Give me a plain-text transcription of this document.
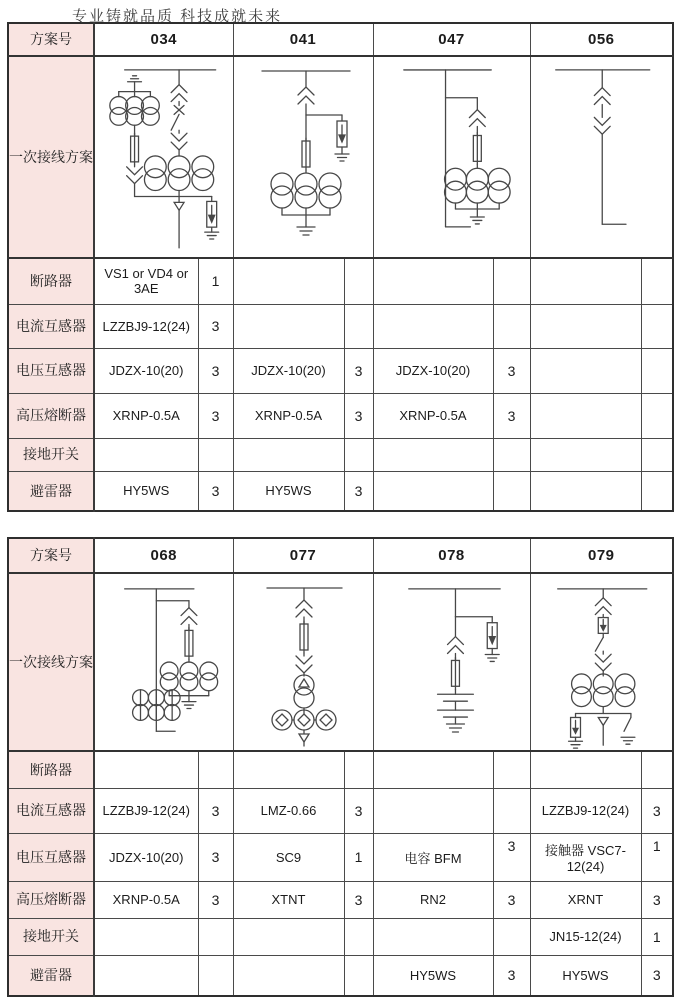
专业铸就品质 科技成就未来
方案号	034		041		047		056	
一次接线方案	

断路器	VS1 or VD4 or 3AE	1						
电流互感器	LZZBJ9-12(24)	3						
电压互感器	JDZX-10(20)	3	JDZX-10(20)	3	JDZX-10(20)	3		
高压熔断器	XRNP-0.5A	3	XRNP-0.5A	3	XRNP-0.5A	3		
接地开关								
避雷器	HY5WS	3	HY5WS	3				
方案号	068		077		078		079	
一次接线方案	

断路器								
电流互感器	LZZBJ9-12(24)	3	LMZ-0.66	3			LZZBJ9-12(24)	3
电压互感器	JDZX-10(20)	3	SC9	1	电容 BFM	3	接触器 VSC7-12(24)	1
高压熔断器	XRNP-0.5A	3	XTNT	3	RN2	3	XRNT	3
接地开关							JN15-12(24)	1
避雷器					HY5WS	3	HY5WS	3
